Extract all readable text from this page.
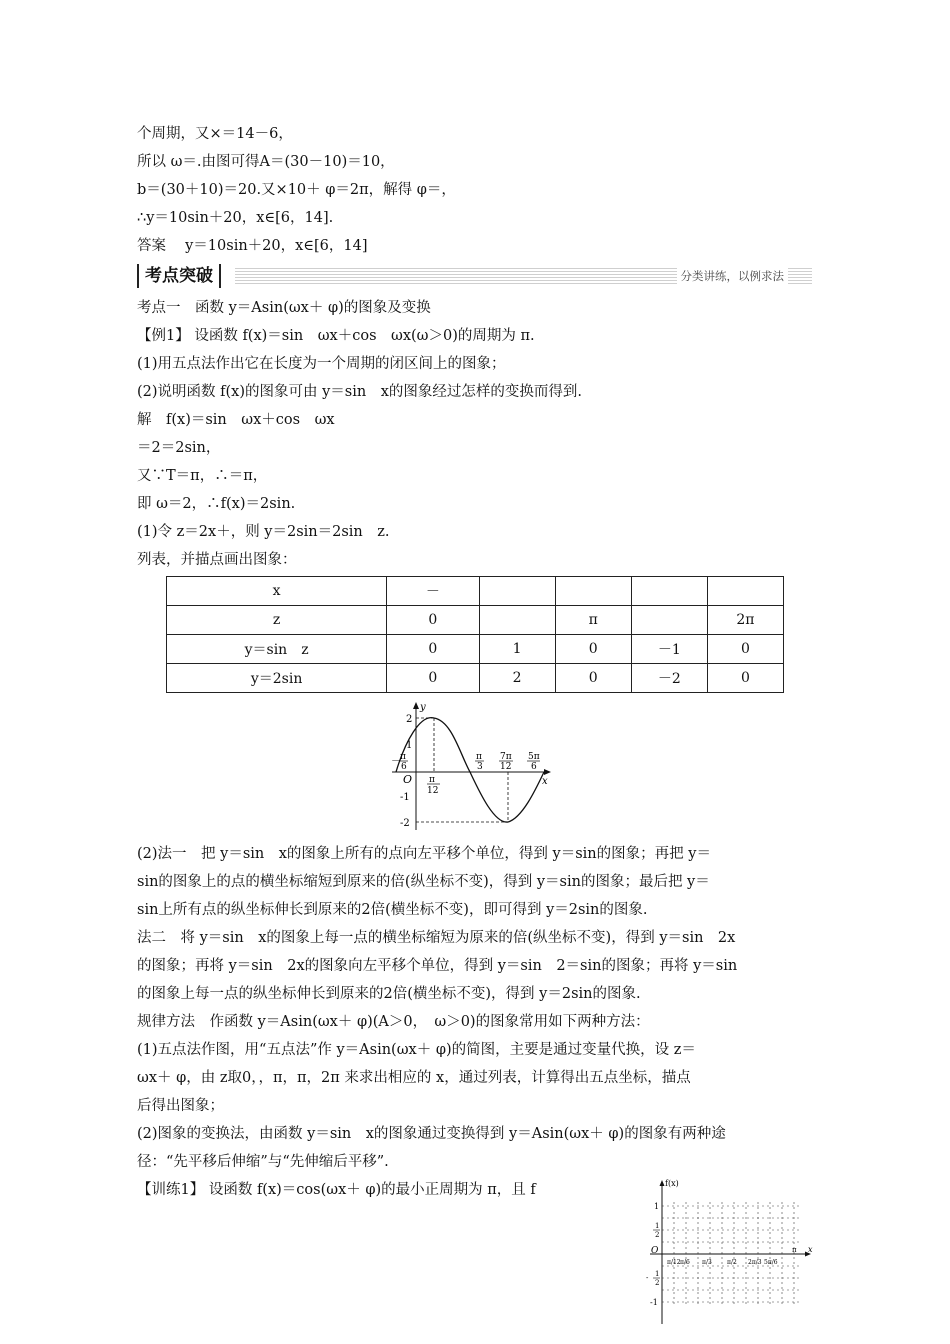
个周期，又×＝14－6，
所以 ω＝.由图可得A＝(30－10)＝10，
b＝(30＋10)＝20.又×10＋ φ＝2π，解得 φ＝，
∴y＝10sin＋20，x∈[6，14].
答案　 y＝10sin＋20，x∈[6，14]
考点突破	分类讲练，以例求法
考点一　函数 y＝Asin(ωx＋ φ)的图象及变换
【例1】 设函数 f(x)＝sin　ωx＋cos　ωx(ω＞0)的周期为 π.
(1)用五点法作出它在长度为一个周期的闭区间上的图象；
(2)说明函数 f(x)的图象可由 y＝sin　x的图象经过怎样的变换而得到.
解　f(x)＝sin　ωx＋cos　ωx
＝2＝2sin，
又∵T＝π，∴＝π，
即 ω＝2，∴f(x)＝2sin.
(1)令 z＝2x＋，则 y＝2sin＝2sin　z.
列表，并描点画出图象：
x	－				
z	0		π		2π
y＝sin　z	0	1	0	－1	0
y＝2sin	0	2	0	－2	0
y
x
O
2
1
-1
-2
－ π
6
π
12
π
3
7π
12
5π
6
(2)法一　把 y＝sin　x的图象上所有的点向左平移个单位，得到 y＝sin的图象；再把 y＝
sin的图象上的点的横坐标缩短到原来的倍(纵坐标不变)，得到 y＝sin的图象；最后把 y＝
sin上所有点的纵坐标伸长到原来的2倍(横坐标不变)，即可得到 y＝2sin的图象.
法二　将 y＝sin　x的图象上每一点的横坐标缩短为原来的倍(纵坐标不变)，得到 y＝sin　2x
的图象；再将 y＝sin　2x的图象向左平移个单位，得到 y＝sin　2＝sin的图象；再将 y＝sin
的图象上每一点的纵坐标伸长到原来的2倍(横坐标不变)，得到 y＝2sin的图象.
规律方法　作函数 y＝Asin(ωx＋ φ)(A＞0，　ω＞0)的图象常用如下两种方法：
(1)五点法作图，用“五点法”作 y＝Asin(ωx＋ φ)的简图，主要是通过变量代换，设 z＝
ωx＋ φ，由 z取0，，π，π，2π 来求出相应的 x，通过列表，计算得出五点坐标，描点
后得出图象；
(2)图象的变换法，由函数 y＝sin　x的图象通过变换得到 y＝Asin(ωx＋ φ)的图象有两种途
径：“先平移后伸缩”与“先伸缩后平移”.
【训练1】 设函数 f(x)＝cos(ωx＋ φ)的最小正周期为 π，且 f	f(x)
x
O
1
1
2
- 1
2
-1
π/12 π/6 π/3	π/2 2π/3 5π/6
π
